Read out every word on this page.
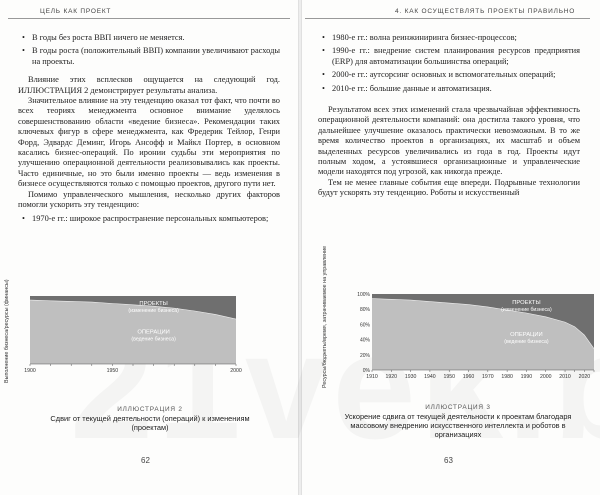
ЦЕЛЬ КАК ПРОЕКТ
• В годы без роста ВВП ничего не меняется.
• В годы роста (положительный ВВП) компании увеличивают расходы на проекты.

Влияние этих всплесков ощущается на следующий год. ИЛЛЮСТРАЦИЯ 2 демонстрирует результаты анализа.

Значительное влияние на эту тенденцию оказал тот факт, что почти во всех теориях менеджмента основное внимание уделялось совершенствованию области «ведение бизнеса». Рекомендации таких ключевых фигур в сфере менеджмента, как Фредерик Тейлор, Генри Форд, Эдвардс Деминг, Игорь Ансофф и Майкл Портер, в основном касались бизнес-операций. По иронии судьбы эти мероприятия по улучшению операционной деятельности реализовывались как проекты. Часто единичные, но это были именно проекты — ведь изменения в бизнесе осуществляются только с помощью проектов, другого пути нет.

Помимо управленческого мышления, несколько других факторов помогли ускорить эту тенденцию:

• 1970-е гг.: широкое распространение персональных компьютеров;
Выполнение бизнеса/ресурсы (финансы)	ПРОЕКТЫ
(изменение бизнеса)
ОПЕРАЦИИ
(ведение бизнеса)
1900	1950	2000
ПРОЕКТЫ
(изменение бизнеса)
ОПЕРАЦИИ
(ведение бизнеса)
1910 1920 1930 1940 1950 1960 1970 1980 1990 2000 2010 2020
100%
80%
60%
40%
20%
0%
ИЛЛЮСТРАЦИЯ 2
Сдвиг от текущей деятельности (операций) к изменениям (проектам)
62
4. КАК ОСУЩЕСТВЛЯТЬ ПРОЕКТЫ ПРАВИЛЬНО
• 1980-е гг.: волна реинжиниринга бизнес-процессов;
• 1990-е гг.: внедрение систем планирования ресурсов предприятия (ERP) для автоматизации большинства операций;
• 2000-е гг.: аутсорсинг основных и вспомогательных операций;
• 2010-е гг.: большие данные и автоматизация.

Результатом всех этих изменений стала чрезвычайная эффективность операционной деятельности компаний: она достигла такого уровня, что дальнейшее улучшение оказалось практически невозможным. В то же время количество проектов в организациях, их масштаб и объем выделенных ресурсов увеличивались из года в год. Проекты идут полным ходом, а устоявшиеся организационные и управленческие модели находятся под угрозой, как никогда прежде.

Тем не менее главные события еще впереди. Подрывные технологии будут ускорять эту тенденцию. Роботы и искусственный

Ресурсы/бюджеты/время, затрачиваемое на управление
ИЛЛЮСТРАЦИЯ 3
Ускорение сдвига от текущей деятельности к проектам благодаря массовому внедрению искусственного интеллекта и роботов в организациях
63
